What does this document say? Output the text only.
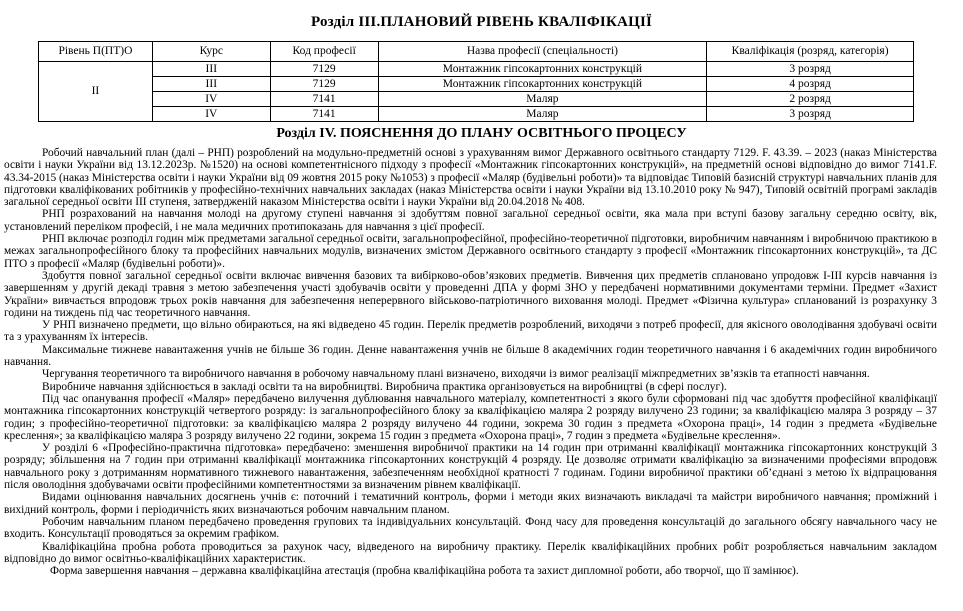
Розділ ІІІ.ПЛАНОВИЙ РІВЕНЬ КВАЛІФІКАЦІЇ
Рівень П(ПТ)О	Курс	Код професії	Назва професії (спеціальності)	Кваліфікація (розряд, категорія)
ІІ	ІІІ	7129	Монтажник гіпсокартонних конструкцій	3 розряд
	ІІІ	7129	Монтажник гіпсокартонних конструкцій	4 розряд
	ІV	7141	Маляр	2 розряд
	ІV	7141	Маляр	3 розряд
Розділ ІV. ПОЯСНЕННЯ ДО ПЛАНУ ОСВІТНЬОГО ПРОЦЕСУ

Робочий навчальний план (далі – РНП) розроблений на модульно-предметній основі з урахуванням вимог Державного освітнього стандарту 7129. F. 43.39. – 2023 (наказ Міністерства освіти і науки України від 13.12.2023р. №1520) на основі компетентнісного підходу з професії «Монтажник гіпсокартонних конструкцій», на предметній основі відповідно до вимог 7141.F. 43.34-2015 (наказ Міністерства освіти і науки України від 09 жовтня 2015 року №1053) з професії «Маляр (будівельні роботи)» та відповідає Типовій базисній структурі навчальних планів для підготовки кваліфікованих робітників у професійно-технічних навчальних закладах (наказ Міністерства освіти і науки України від 13.10.2010 року № 947), Типовій освітній програмі закладів загальної середньої освіти ІІІ ступеня, затвердженій наказом Міністерства освіти і науки України від 20.04.2018 № 408.

РНП розрахований на навчання молоді на другому ступені навчання зі здобуттям повної загальної середньої освіти, яка мала при вступі базову загальну середню освіту, вік, установлений переліком професій, і не мала медичних протипоказань для навчання з цієї професії.

РНП включає розподіл годин між предметами загальної середньої освіти, загальнопрофесійної, професійно-теоретичної підготовки, виробничим навчанням і виробничою практикою в межах загальнопрофесійного блоку та професійних навчальних модулів, визначених змістом Державного освітнього стандарту з професії «Монтажник гіпсокартонних конструкцій», та ДС ПТО з професії «Маляр (будівельні роботи)».

Здобуття повної загальної середньої освіти включає вивчення базових та вибірково-обов’язкових предметів. Вивчення цих предметів сплановано упродовж І-ІІІ курсів навчання із завершенням у другій декаді травня з метою забезпечення участі здобувачів освіти у проведенні ДПА у формі ЗНО у передбачені нормативними документами терміни. Предмет «Захист України» вивчається впродовж трьох років навчання для забезпечення неперервного військово-патріотичного виховання молоді. Предмет «Фізична культура» спланований із розрахунку 3 години на тиждень під час теоретичного навчання.

У РНП визначено предмети, що вільно обираються, на які відведено 45 годин. Перелік предметів розроблений, виходячи з потреб професії, для якісного оволодівання здобувачі освіти та з урахуванням їх інтересів.

Максимальне тижневе навантаження учнів не більше 36 годин. Денне навантаження учнів не більше 8 академічних годин теоретичного навчання і 6 академічних годин виробничого навчання.

Чергування теоретичного та виробничого навчання в робочому навчальному плані визначено, виходячи із вимог реалізації міжпредметних зв’язків та етапності навчання.

Виробниче навчання здійснюється в закладі освіти та на виробництві. Виробнича практика організовується на виробництві (в сфері послуг).

Під час опанування професії «Маляр» передбачено вилучення дублювання навчального матеріалу, компетентності з якого були сформовані під час здобуття професійної кваліфікації монтажника гіпсокартонних конструкцій четвертого розряду: із загальнопрофесійного блоку за кваліфікацією маляра 2 розряду вилучено 23 години; за кваліфікацією маляра 3 розряду – 37 годин; з професійно-теоретичної підготовки: за кваліфікацією маляра 2 розряду вилучено 44 години, зокрема 30 годин з предмета «Охорона праці», 14 годин з предмета «Будівельне креслення»; за кваліфікацією маляра 3 розряду вилучено 22 години, зокрема 15 годин з предмета «Охорона праці», 7 годин з предмета «Будівельне креслення».

У розділі 6 «Професійно-практична підготовка» передбачено: зменшення виробничої практики на 14 годин при отриманні кваліфікації монтажника гіпсокартонних конструкцій 3 розряду; збільшення на 7 годин при отриманні кваліфікації монтажника гіпсокартонних конструкцій 4 розряду. Це дозволяє отримати кваліфікацію за визначеними професіями впродовж навчального року з дотриманням нормативного тижневого навантаження, забезпеченням необхідної кратності 7 годинам. Години виробничої практики об’єднані з метою їх відпрацювання після оволодіння здобувачами освіти професійними компетентностями за визначеним рівнем кваліфікації.

Видами оцінювання навчальних досягнень учнів є: поточний і тематичний контроль, форми і методи яких визначають викладачі та майстри виробничого навчання; проміжний і вихідний контроль, форми і періодичність яких визначаються робочим навчальним планом.

Робочим навчальним планом передбачено проведення групових та індивідуальних консультацій. Фонд часу для проведення консультацій до загального обсягу навчального часу не входить. Консультації проводяться за окремим графіком.

Кваліфікаційна пробна робота проводиться за рахунок часу, відведеного на виробничу практику. Перелік кваліфікаційних пробних робіт розробляється навчальним закладом відповідно до вимог освітньо-кваліфікаційних характеристик.

Форма завершення навчання – державна кваліфікаційна атестація (пробна кваліфікаційна робота та захист дипломної роботи, або творчої, що її замінює).
